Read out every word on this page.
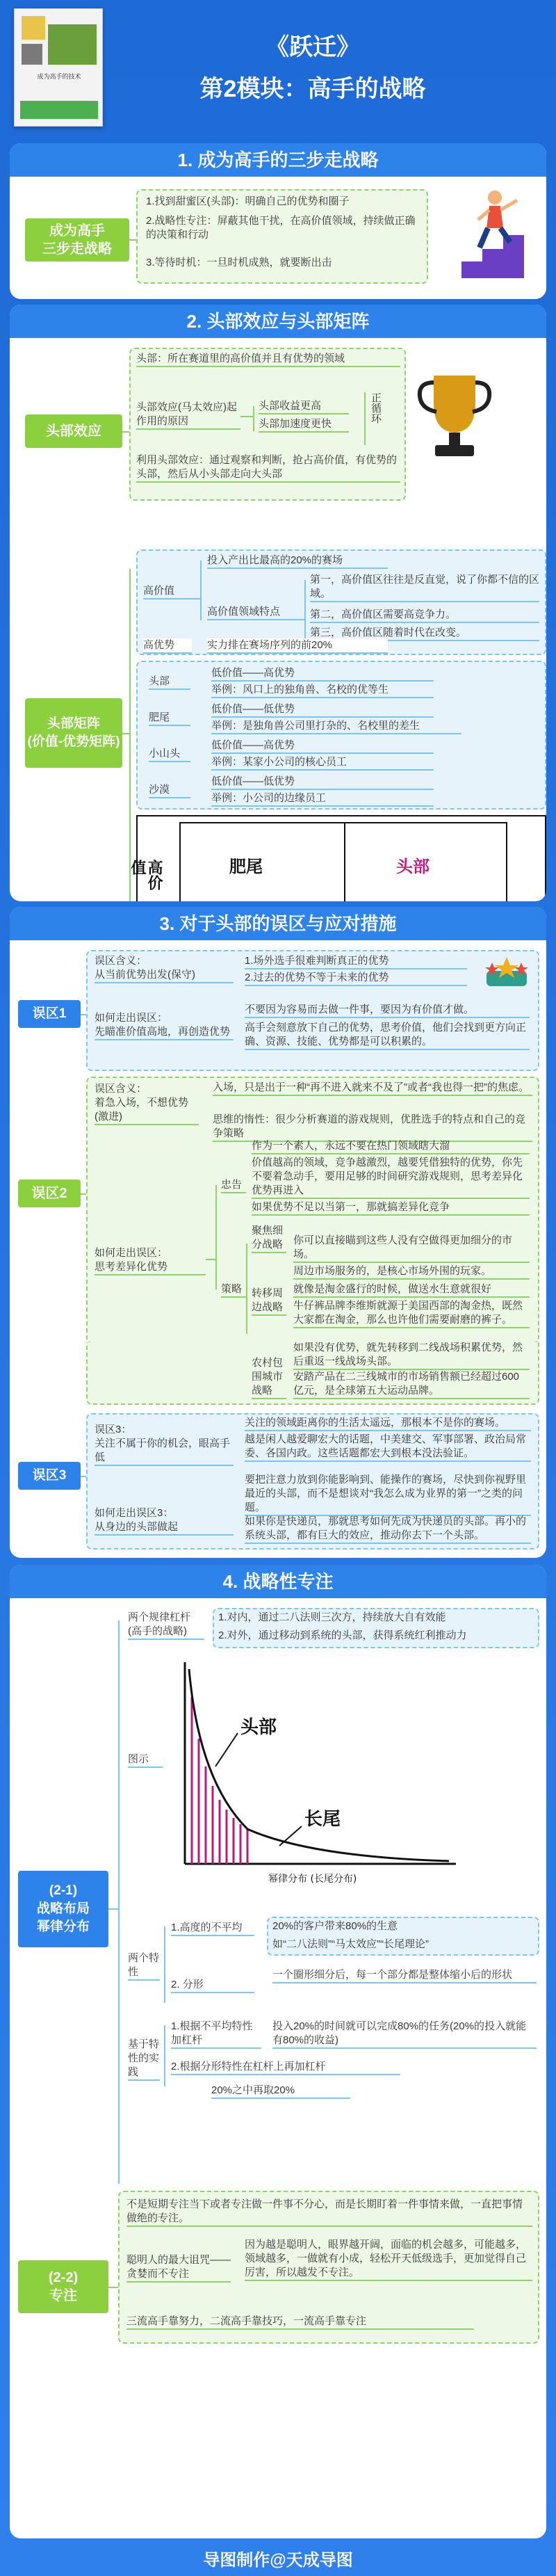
成为高手的技术
《跃迁》
第2模块：高手的战略
1. 成为高手的三步走战略
成为高手
三步走战略
1.找到甜蜜区(头部)：明确自己的优势和圈子
2.战略性专注：屏蔽其他干扰，在高价值领域，持续做正确的决策和行动
3.等待时机：一旦时机成熟，就要断出击
2. 头部效应与头部矩阵
头部效应
头部：所在赛道里的高价值并且有优势的领域
头部效应(马太效应)起作用的原因
头部收益更高
头部加速度更快
正循环
利用头部效应：通过观察和判断，抢占高价值，有优势的头部，然后从小头部走向大头部
头部矩阵
(价值-优势矩阵)
高价值
投入产出比最高的20%的赛场
高价值领域特点
第一，高价值区往往是反直觉，说了你都不信的区域。
第二，高价值区需要高竞争力。
第三，高价值区随着时代在改变。
高优势	实力排在赛场序列的前20%
头部
低价值——高优势
举例：风口上的独角兽、名校的优等生
肥尾
低价值——低优势
举例：是独角兽公司里打杂的、名校里的差生
小山头
低价值——高优势
举例：某家小公司的核心员工
沙漠
低价值——低优势
举例：小公司的边缘员工
高价值	肥尾	头部
3. 对于头部的误区与应对措施
误区1
误区含义：
从当前优势出发(保守)
1.场外选手很难判断真正的优势
2.过去的优势不等于未来的优势
如何走出误区：
先瞄准价值高地，再创造优势
不要因为容易而去做一件事，要因为有价值才做。
高手会刻意放下自己的优势，思考价值，他们会找到更方向正确、资源、技能、优势都是可以积累的。
误区2
误区含义：
着急入场，不想优势(激进)
入场，只是出于一种“再不进入就来不及了”或者“我也得一把”的焦虑。
思维的惰性：很少分析赛道的游戏规则，优胜选手的特点和自己的竞争策略
如何走出误区：
思考差异化优势
忠告
作为一个素人，永远不要在热门领域瞎大溜
价值越高的领域，竞争越激烈，越要凭借独特的优势，你先不要着急动手，要用足够的时间研究游戏规则，思考差异化优势再进入
如果优势不足以当第一，那就搞差异化竞争
策略
聚焦细分战略 你可以直接瞄到这些人没有空做得更加细分的市场。
转移周边战略
周边市场服务的，是核心市场外围的玩家。
就像是淘金盛行的时候，做送水生意就很好
牛仔裤品牌李维斯就源于美国西部的淘金热，既然大家都在淘金，那么也许他们需要耐磨的裤子。
农村包围城市战略
如果没有优势，就先转移到二线战场积累优势，然后重返一线战场头部。
安踏产品在二三线城市的市场销售额已经超过600亿元，是全球第五大运动品牌。
误区3
误区3：
关注不属于你的机会，眼高手低
关注的领域距离你的生活太遥远，那根本不是你的赛场。
越是闲人越爱聊宏大的话题，中美建交、军事部署、政治局常委、各国内政。这些话题都宏大到根本没法验证。
如何走出误区3：
从身边的头部做起
要把注意力放到你能影响到、能操作的赛场，尽快到你视野里最近的头部，而不是想谈对“我怎么成为业界的第一”之类的问题。
如果你是快递员，那就思考如何先成为快递员的头部。再小的系统头部，都有巨大的效应，推动你去下一个头部。
4. 战略性专注
(2-1)
战略布局
幂律分布
两个规律杠杆
(高手的战略)
1.对内，通过二八法则三次方，持续放大自有效能
2.对外，通过移动到系统的头部，获得系统红利推动力
图示
头部
长尾
幂律分布 (长尾分布)
两个特性
1.高度的不平均	20%的客户带来80%的生意
如“二八法则”“马太效应”“长尾理论”
2. 分形
一个圈形细分后，每一个部分都是整体缩小后的形状
基于特性的实践
1.根据不平均特性加杠杆
投入20%的时间就可以完成80%的任务(20%的投入就能有80%的收益)
2.根据分形特性在杠杆上再加杠杆
20%之中再取20%
(2-2)
专注
不是短期专注当下或者专注做一件事不分心，而是长期盯着一件事情来做，一直把事情做绝的专注。
聪明人的最大诅咒——贪婪而不专注
因为越是聪明人，眼界越开阔，面临的机会越多，可能越多，领域越多，一做就有小成，轻松开天低级选手，更加觉得自己厉害，所以越发不专注。
三流高手靠努力，二流高手靠技巧，一流高手靠专注
导图制作@天成导图
